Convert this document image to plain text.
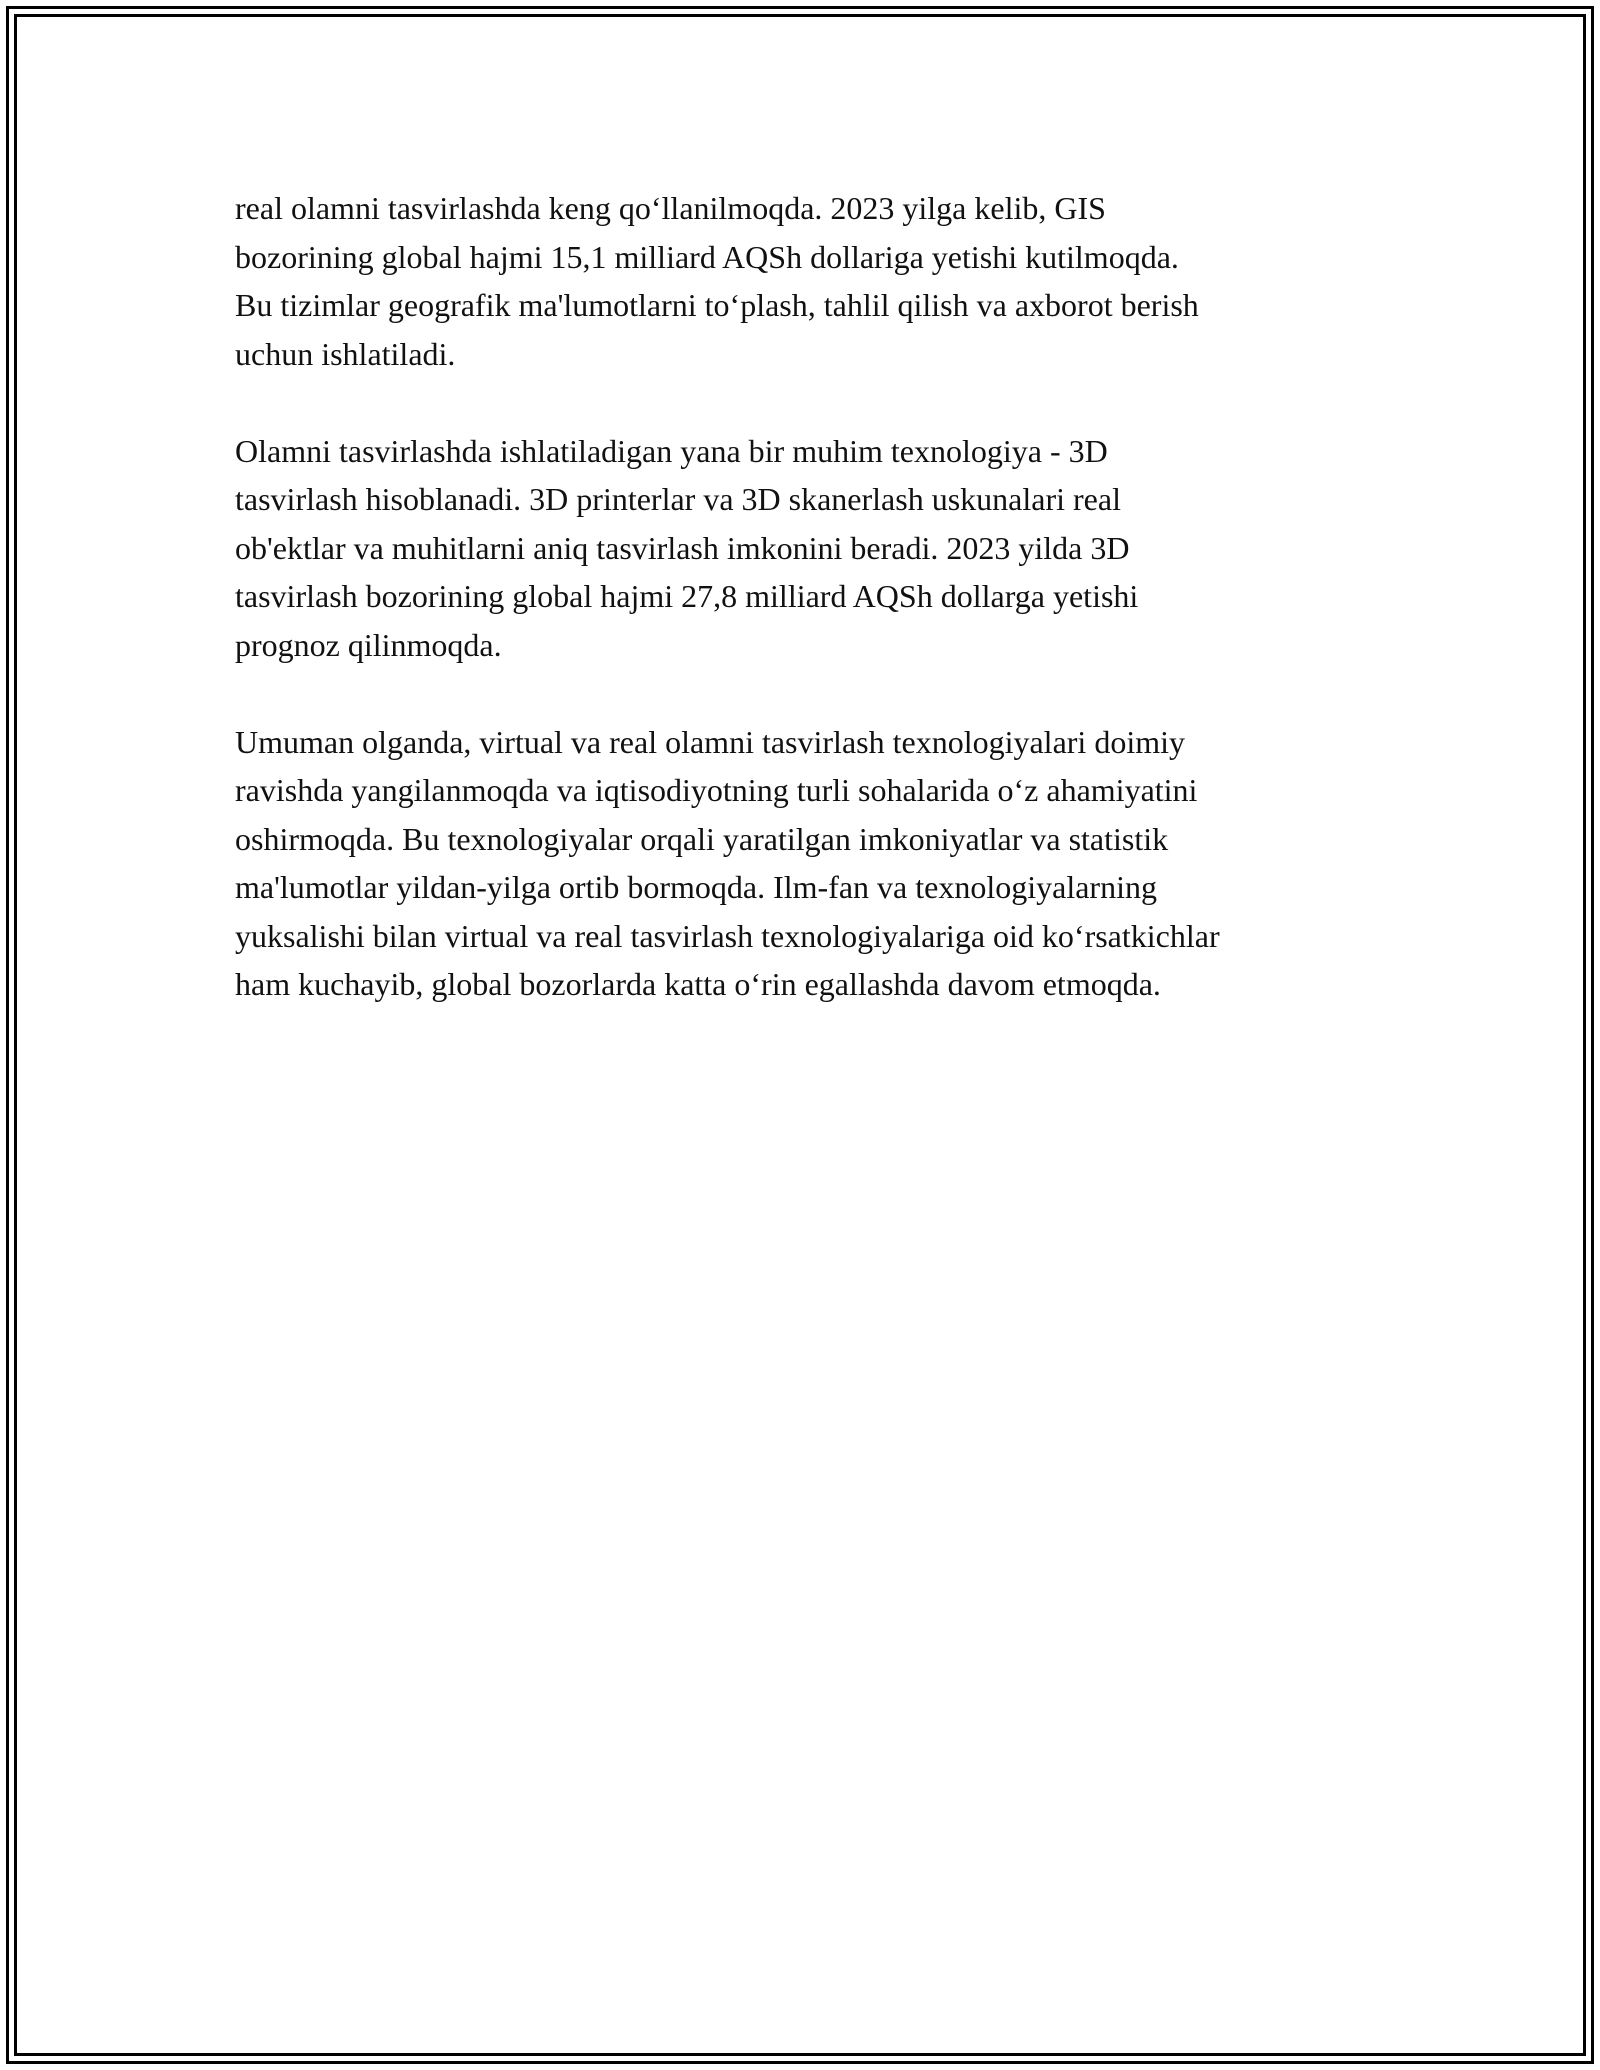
real olamni tasvirlashda keng qo‘llanilmoqda. 2023 yilga kelib, GIS
bozorining global hajmi 15,1 milliard AQSh dollariga yetishi kutilmoqda.
Bu tizimlar geografik ma'lumotlarni to‘plash, tahlil qilish va axborot berish
uchun ishlatiladi.

Olamni tasvirlashda ishlatiladigan yana bir muhim texnologiya - 3D
tasvirlash hisoblanadi. 3D printerlar va 3D skanerlash uskunalari real
ob'ektlar va muhitlarni aniq tasvirlash imkonini beradi. 2023 yilda 3D
tasvirlash bozorining global hajmi 27,8 milliard AQSh dollarga yetishi
prognoz qilinmoqda.

Umuman olganda, virtual va real olamni tasvirlash texnologiyalari doimiy
ravishda yangilanmoqda va iqtisodiyotning turli sohalarida o‘z ahamiyatini
oshirmoqda. Bu texnologiyalar orqali yaratilgan imkoniyatlar va statistik
ma'lumotlar yildan-yilga ortib bormoqda. Ilm-fan va texnologiyalarning
yuksalishi bilan virtual va real tasvirlash texnologiyalariga oid ko‘rsatkichlar
ham kuchayib, global bozorlarda katta o‘rin egallashda davom etmoqda.
